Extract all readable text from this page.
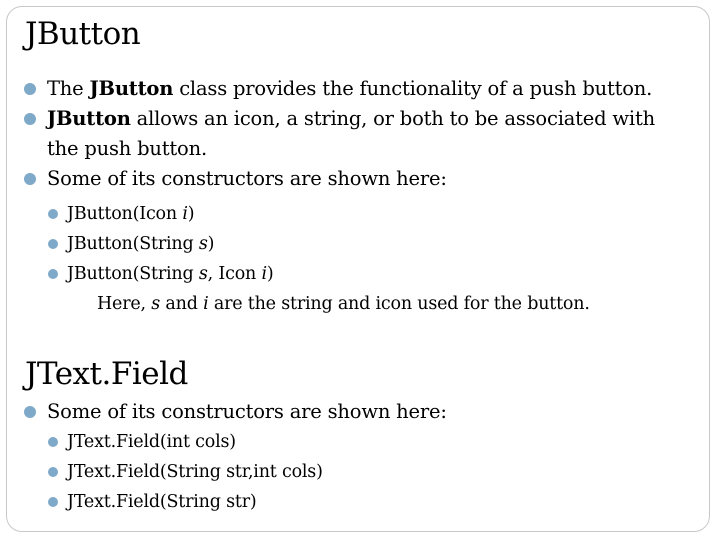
JButton
The JButton class provides the functionality of a push button.
JButton allows an icon, a string, or both to be associated with
the push button.
Some of its constructors are shown here:
JButton(Icon i)
JButton(String s)
JButton(String s, Icon i)

Here, s and i are the string and icon used for the button.

JText.Field
Some of its constructors are shown here:
JText.Field(int cols)
JText.Field(String str,int cols)
JText.Field(String str)
